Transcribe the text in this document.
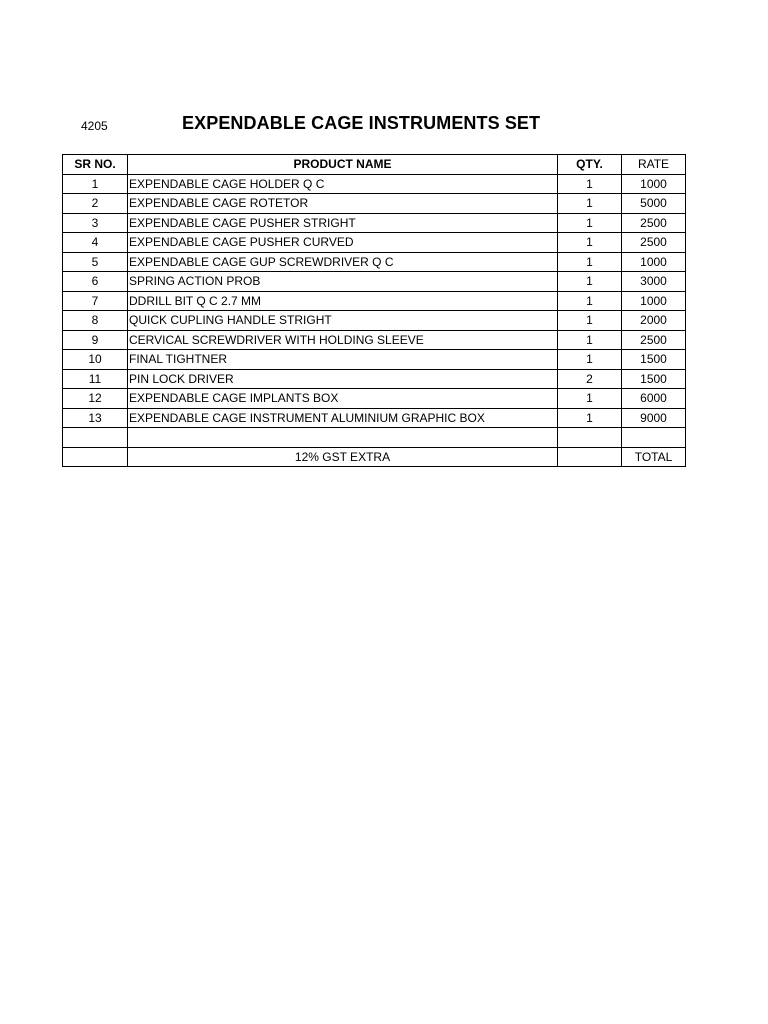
4205	EXPENDABLE CAGE INSTRUMENTS SET
SR NO.	PRODUCT NAME	QTY.	RATE
1	EXPENDABLE CAGE HOLDER Q C	1	1000
2	EXPENDABLE CAGE ROTETOR	1	5000
3	EXPENDABLE CAGE PUSHER STRIGHT	1	2500
4	EXPENDABLE CAGE PUSHER CURVED	1	2500
5	EXPENDABLE CAGE GUP SCREWDRIVER Q C	1	1000
6	SPRING ACTION PROB	1	3000
7	DDRILL BIT Q C 2.7 MM	1	1000
8	QUICK CUPLING HANDLE STRIGHT	1	2000
9	CERVICAL SCREWDRIVER WITH HOLDING SLEEVE	1	2500
10	FINAL TIGHTNER	1	1500
11	PIN LOCK DRIVER	2	1500
12	EXPENDABLE CAGE IMPLANTS BOX	1	6000
13	EXPENDABLE CAGE INSTRUMENT ALUMINIUM GRAPHIC BOX	1	9000

	12% GST EXTRA		TOTAL
